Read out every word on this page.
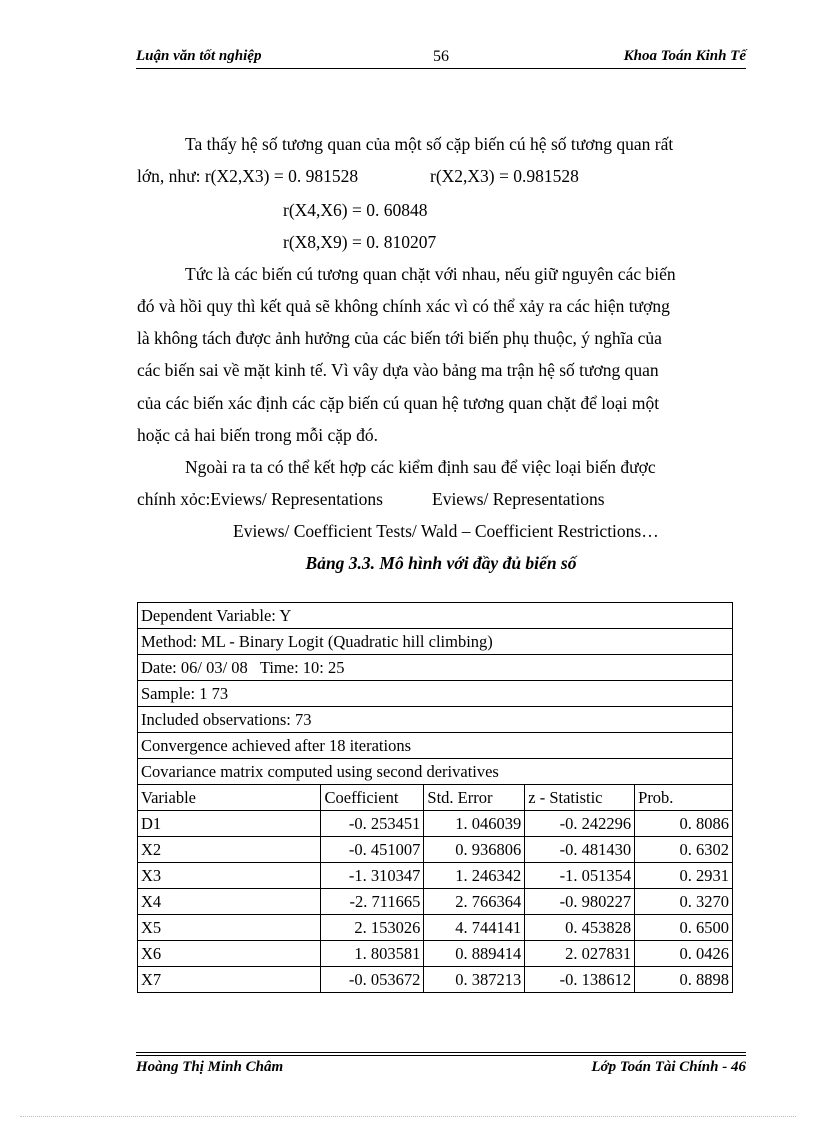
Luận văn tốt nghiệp	56	Khoa Toán Kinh Tế
Ta thấy hệ số tương quan của một số cặp biến cú hệ số tương quan rất
lớn, như: r(X2,X3) = 0. 981528	r(X2,X3) = 0.981528
r(X4,X6) = 0. 60848
r(X8,X9) = 0. 810207
Tức là các biến cú tương quan chặt với nhau, nếu giữ nguyên các biến
đó và hồi quy thì kết quả sẽ không chính xác vì có thể xảy ra các hiện tượng
là không tách được ảnh hưởng của các biến tới biến phụ thuộc, ý nghĩa của
các biến sai về mặt kinh tế. Vì vây dựa vào bảng ma trận hệ số tương quan
của các biến xác định các cặp biến cú quan hệ tương quan chặt để loại một
hoặc cả hai biến trong mỗi cặp đó.
Ngoài ra ta có thể kết hợp các kiểm định sau để việc loại biến được
chính xỏc:Eviews/ Representations	Eviews/ Representations
Eviews/ Coefficient Tests/ Wald – Coefficient Restrictions…
Bảng 3.3. Mô hình với đầy đủ biến số
Dependent Variable: Y				
Method: ML - Binary Logit (Quadratic hill climbing)				
Date: 06/ 03/ 08   Time: 10: 25				
Sample: 1 73				
Included observations: 73				
Convergence achieved after 18 iterations				
Covariance matrix computed using second derivatives				
Variable	Coefficient	Std. Error	z - Statistic	Prob.
D1	-0. 253451	1. 046039	-0. 242296	0. 8086
X2	-0. 451007	0. 936806	-0. 481430	0. 6302
X3	-1. 310347	1. 246342	-1. 051354	0. 2931
X4	-2. 711665	2. 766364	-0. 980227	0. 3270
X5	2. 153026	4. 744141	0. 453828	0. 6500
X6	1. 803581	0. 889414	2. 027831	0. 0426
X7	-0. 053672	0. 387213	-0. 138612	0. 8898
Hoàng Thị Minh Châm	Lớp Toán Tài Chính - 46
